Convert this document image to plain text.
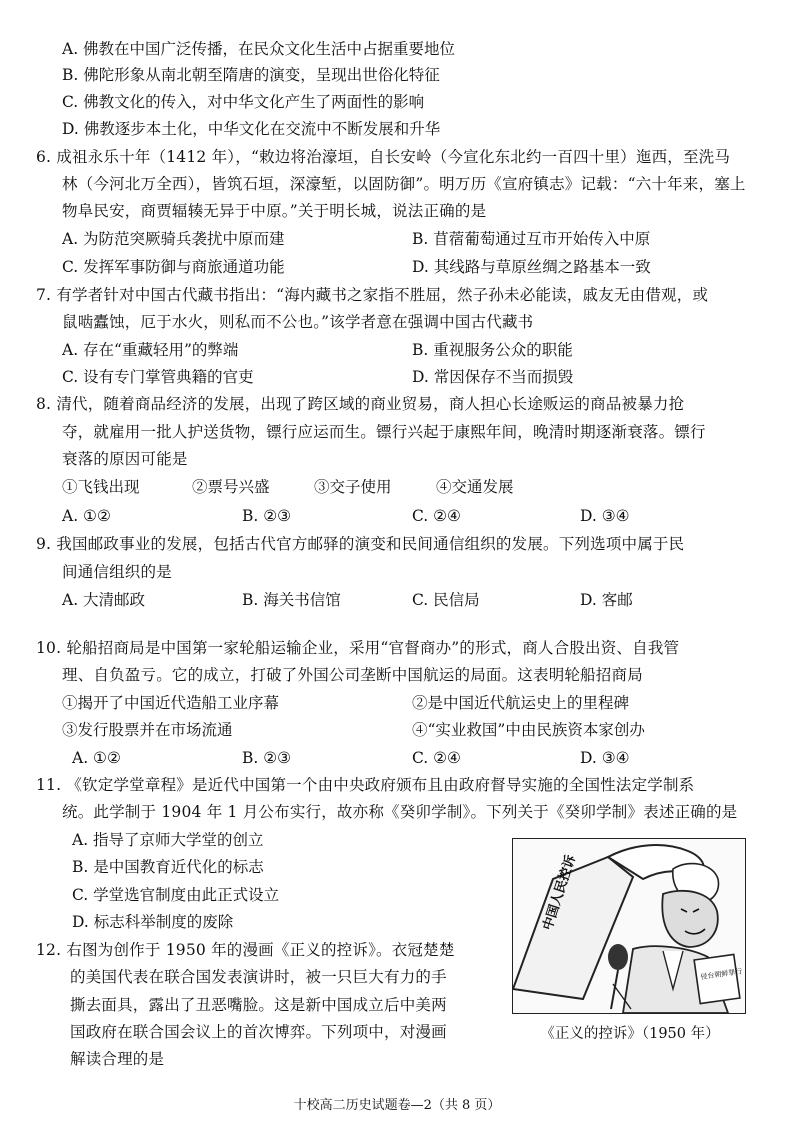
A. 佛教在中国广泛传播，在民众文化生活中占据重要地位
B. 佛陀形象从南北朝至隋唐的演变，呈现出世俗化特征
C. 佛教文化的传入，对中华文化产生了两面性的影响
D. 佛教逐步本土化，中华文化在交流中不断发展和升华
6. 成祖永乐十年（1412 年），“敕边将治濠垣，自长安岭（今宣化东北约一百四十里）迤西，至洗马
林（今河北万全西），皆筑石垣，深濠堑，以固防御”。明万历《宣府镇志》记载：“六十年来，塞上
物阜民安，商贾辐辏无异于中原。”关于明长城，说法正确的是
A. 为防范突厥骑兵袭扰中原而建	B. 苜蓿葡萄通过互市开始传入中原
C. 发挥军事防御与商旅通道功能	D. 其线路与草原丝绸之路基本一致
7. 有学者针对中国古代藏书指出：“海内藏书之家指不胜屈，然子孙未必能读，戚友无由借观，或
鼠啮蠹蚀，厄于水火，则私而不公也。”该学者意在强调中国古代藏书
A. 存在“重藏轻用”的弊端	B. 重视服务公众的职能
C. 设有专门掌管典籍的官吏	D. 常因保存不当而损毁
8. 清代，随着商品经济的发展，出现了跨区域的商业贸易，商人担心长途贩运的商品被暴力抢
夺，就雇用一批人护送货物，镖行应运而生。镖行兴起于康熙年间，晚清时期逐渐衰落。镖行
衰落的原因可能是
①飞钱出现	②票号兴盛	③交子使用	④交通发展
A. ①②	B. ②③	C. ②④	D. ③④
9. 我国邮政事业的发展，包括古代官方邮驿的演变和民间通信组织的发展。下列选项中属于民
间通信组织的是
A. 大清邮政	B. 海关书信馆	C. 民信局	D. 客邮
10. 轮船招商局是中国第一家轮船运输企业，采用“官督商办”的形式，商人合股出资、自我管
理、自负盈亏。它的成立，打破了外国公司垄断中国航运的局面。这表明轮船招商局
①揭开了中国近代造船工业序幕	②是中国近代航运史上的里程碑
③发行股票并在市场流通	④“实业救国”中由民族资本家创办
A. ①②	B. ②③	C. ②④	D. ③④
11. 《钦定学堂章程》是近代中国第一个由中央政府颁布且由政府督导实施的全国性法定学制系
统。此学制于 1904 年 1 月公布实行，故亦称《癸卯学制》。下列关于《癸卯学制》表述正确的是
A. 指导了京师大学堂的创立
B. 是中国教育近代化的标志
C. 学堂选官制度由此正式设立
D. 标志科举制度的废除
12. 右图为创作于 1950 年的漫画《正义的控诉》。衣冠楚楚
的美国代表在联合国发表演讲时，被一只巨大有力的手
撕去面具，露出了丑恶嘴脸。这是新中国成立后中美两
国政府在联合国会议上的首次博弈。下列项中，对漫画
解读合理的是
中国人民控诉
侵台朝鲜罪行
《正义的控诉》（1950 年）
十校高二历史试题卷—2（共 8 页）
